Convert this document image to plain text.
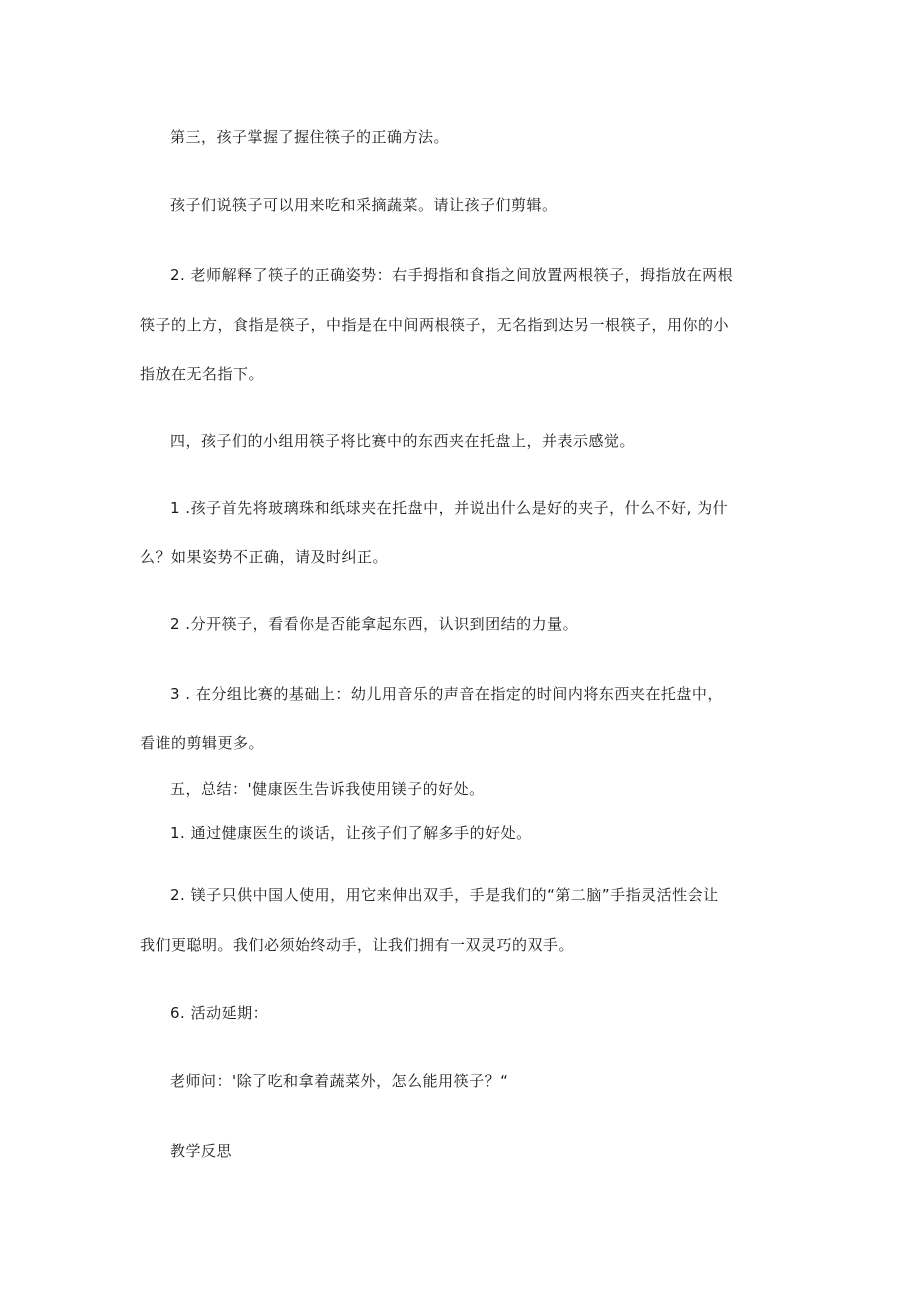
第三，孩子掌握了握住筷子的正确方法。
孩子们说筷子可以用来吃和采摘蔬菜。请让孩子们剪辑。
2. 老师解释了筷子的正确姿势：右手拇指和食指之间放置两根筷子，拇指放在两根
筷子的上方，食指是筷子，中指是在中间两根筷子，无名指到达另一根筷子，用你的小
指放在无名指下。
四，孩子们的小组用筷子将比赛中的东西夹在托盘上，并表示感觉。
1 .孩子首先将玻璃珠和纸球夹在托盘中，并说出什么是好的夹子，什么不好, 为什
么？如果姿势不正确，请及时纠正。
2 .分开筷子，看看你是否能拿起东西，认识到团结的力量。
3 . 在分组比赛的基础上：幼儿用音乐的声音在指定的时间内将东西夹在托盘中，
看谁的剪辑更多。
五，总结：'健康医生告诉我使用镁子的好处。
1. 通过健康医生的谈话，让孩子们了解多手的好处。
2. 镁子只供中国人使用，用它来伸出双手，手是我们的“第二脑”手指灵活性会让
我们更聪明。我们必须始终动手，让我们拥有一双灵巧的双手。
6. 活动延期：
老师问：'除了吃和拿着蔬菜外，怎么能用筷子？“
教学反思
